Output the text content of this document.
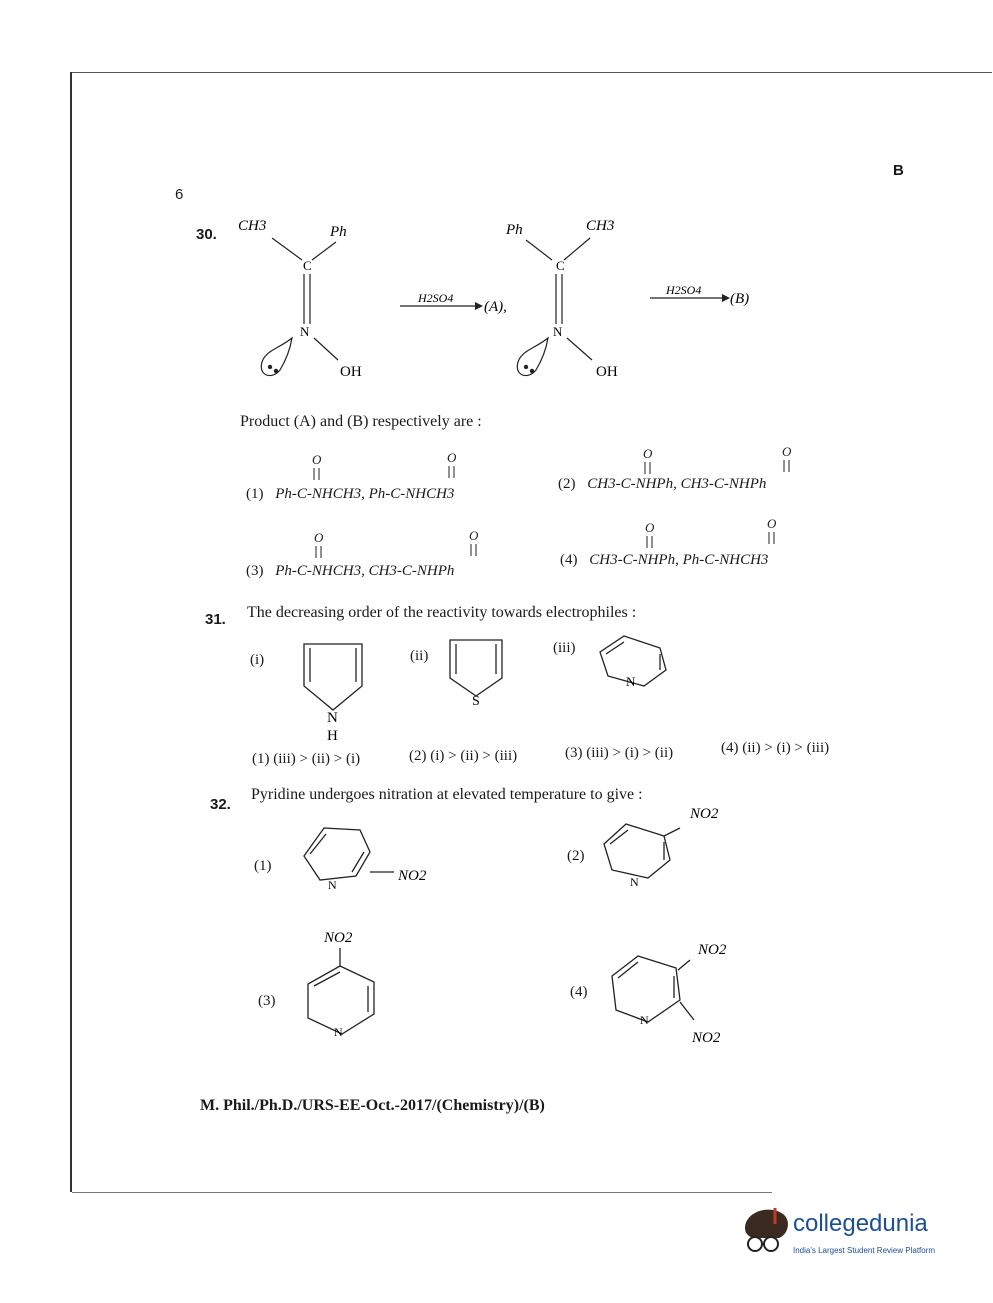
6
B
30. CH3	Ph
C
N
OH
H2SO4
(A),
Ph	CH3
C
N
OH
H2SO4
(B)
Product (A) and (B) respectively are :
O	O	O	O
O	O
O	O
(1) Ph-C-NHCH3, Ph-C-NHCH3
(2) CH3-C-NHPh, CH3-C-NHPh
(3) Ph-C-NHCH3, CH3-C-NHPh
(4) CH3-C-NHPh, Ph-C-NHCH3
31. The decreasing order of the reactivity towards electrophiles :
(i)	(ii)	(iii)
N
H
S
N
(1) (iii) > (ii) > (i)	(2) (i) > (ii) > (iii)	(3) (iii) > (i) > (ii)	(4) (ii) > (i) > (iii)
32.
Pyridine undergoes nitration at elevated temperature to give :
(1)
(2)
(3)
(4)
N
NO2
NO2
N
NO2
N
NO2
N
NO2
M. Phil./Ph.D./URS-EE-Oct.-2017/(Chemistry)/(B)
collegedunia
India's Largest Student Review Platform
